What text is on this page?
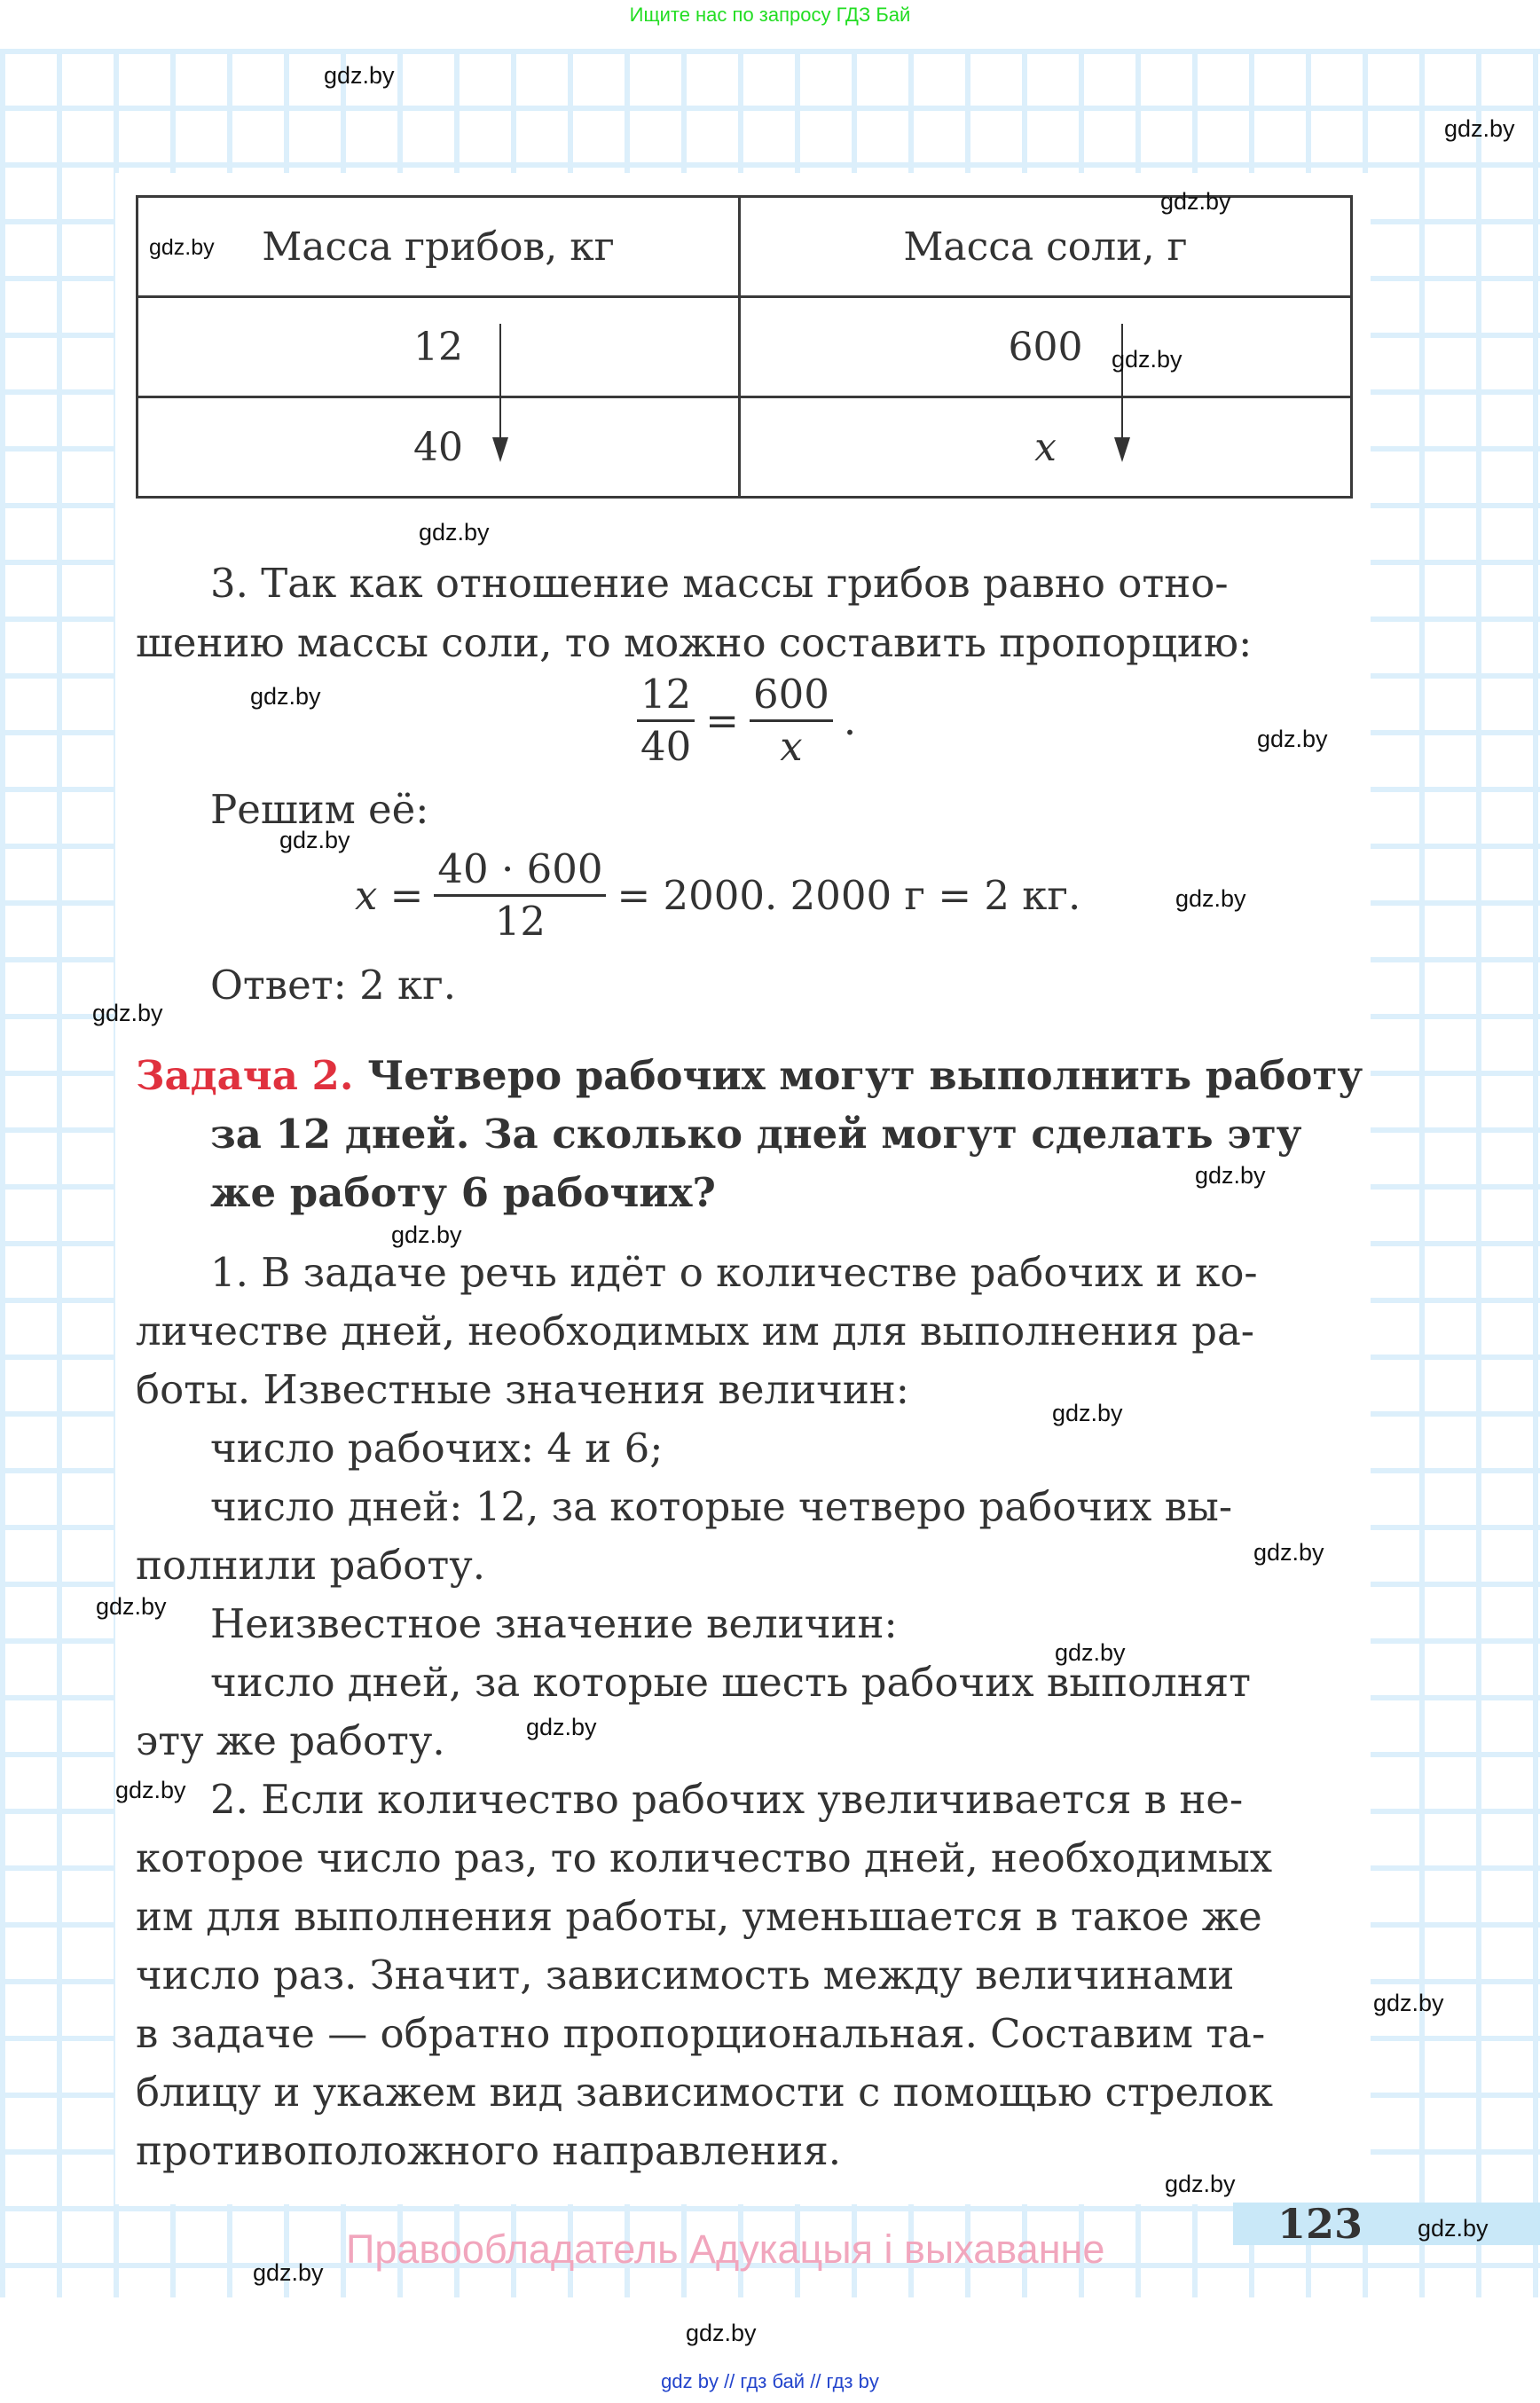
Ищите нас по запросу ГДЗ Бай
Масса грибов, кг	Масса соли, г
12	600
40	x
3. Так как отношение массы грибов равно отно-
шению массы соли, то можно составить пропорцию:
$\frac{12}{40} = \frac{600}{x}$ .
Решим её:
$x = \frac{40 \cdot 600}{12} = 2000$. 2000 г = 2 кг.
Ответ: 2 кг.
Задача 2. Четверо рабочих могут выполнить работу
за 12 дней. За сколько дней могут сделать эту
же работу 6 рабочих?
1. В задаче речь идёт о количестве рабочих и ко-
личестве дней, необходимых им для выполнения ра-
боты. Известные значения величин:
число рабочих: 4 и 6;
число дней: 12, за которые четверо рабочих вы-
полнили работу.
Неизвестное значение величин:
число дней, за которые шесть рабочих выполнят
эту же работу.
2. Если количество рабочих увеличивается в не-
которое число раз, то количество дней, необходимых
им для выполнения работы, уменьшается в такое же
число раз. Значит, зависимость между величинами
в задаче — обратно пропорциональная. Составим та-
блицу и укажем вид зависимости с помощью стрелок
противоположного направления.
123
Правообладатель Адукацыя і выхаванне
gdz by // гдз бай // гдз by
gdz.by
gdz.by
gdz.by
gdz.by
gdz.by
gdz.by
gdz.by
gdz.by
gdz.by
gdz.by
gdz.by
gdz.by
gdz.by
gdz.by
gdz.by
gdz.by
gdz.by
gdz.by
gdz.by
gdz.by
gdz.by
gdz.by
gdz.by
gdz.by
